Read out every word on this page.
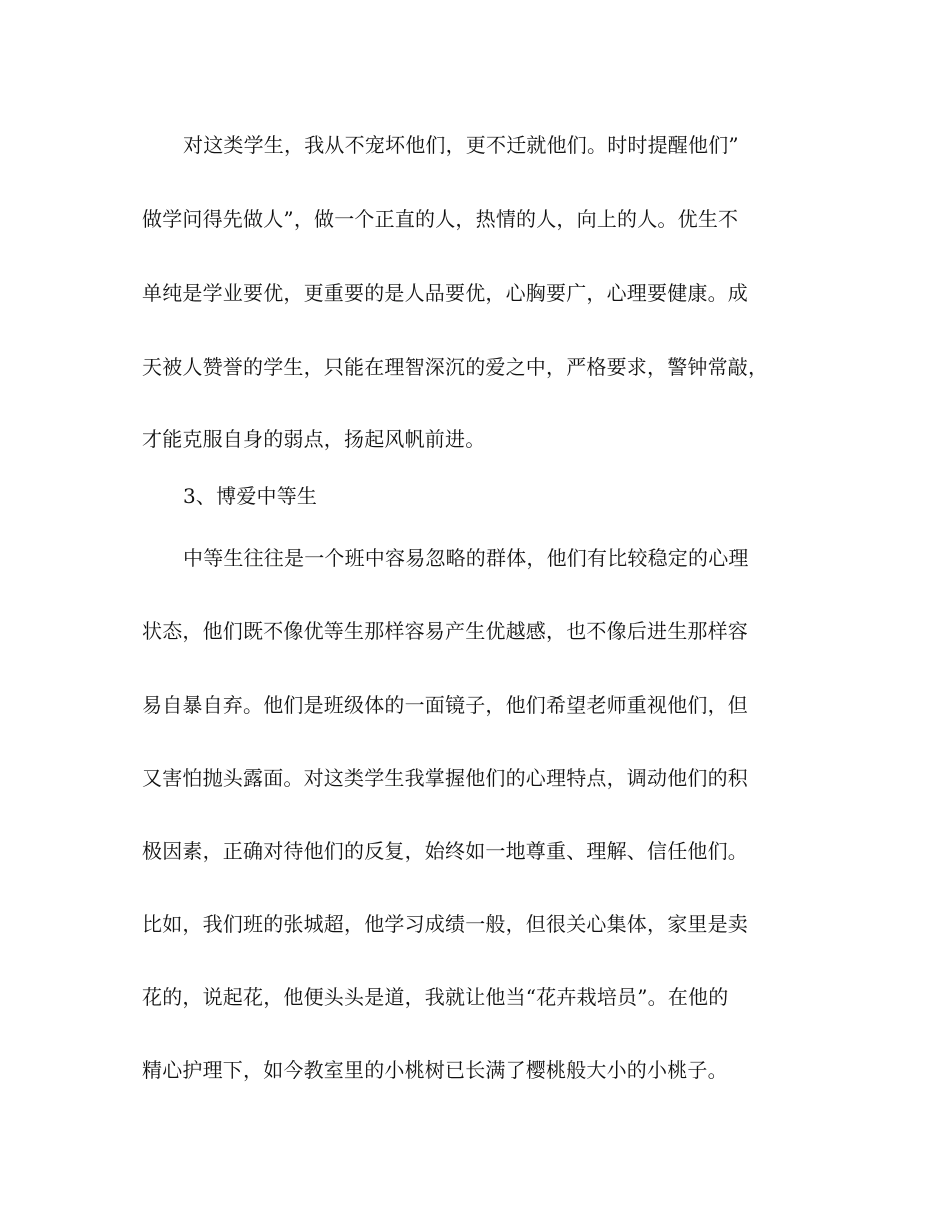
对这类学生，我从不宠坏他们，更不迁就他们。时时提醒他们”
做学问得先做人”，做一个正直的人，热情的人，向上的人。优生不
单纯是学业要优，更重要的是人品要优，心胸要广，心理要健康。成
天被人赞誉的学生，只能在理智深沉的爱之中，严格要求，警钟常敲，
才能克服自身的弱点，扬起风帆前进。
3、博爱中等生
中等生往往是一个班中容易忽略的群体，他们有比较稳定的心理
状态，他们既不像优等生那样容易产生优越感，也不像后进生那样容
易自暴自弃。他们是班级体的一面镜子，他们希望老师重视他们，但
又害怕抛头露面。对这类学生我掌握他们的心理特点，调动他们的积
极因素，正确对待他们的反复，始终如一地尊重、理解、信任他们。
比如，我们班的张城超，他学习成绩一般，但很关心集体，家里是卖
花的，说起花，他便头头是道，我就让他当“花卉栽培员”。在他的
精心护理下，如今教室里的小桃树已长满了樱桃般大小的小桃子。
